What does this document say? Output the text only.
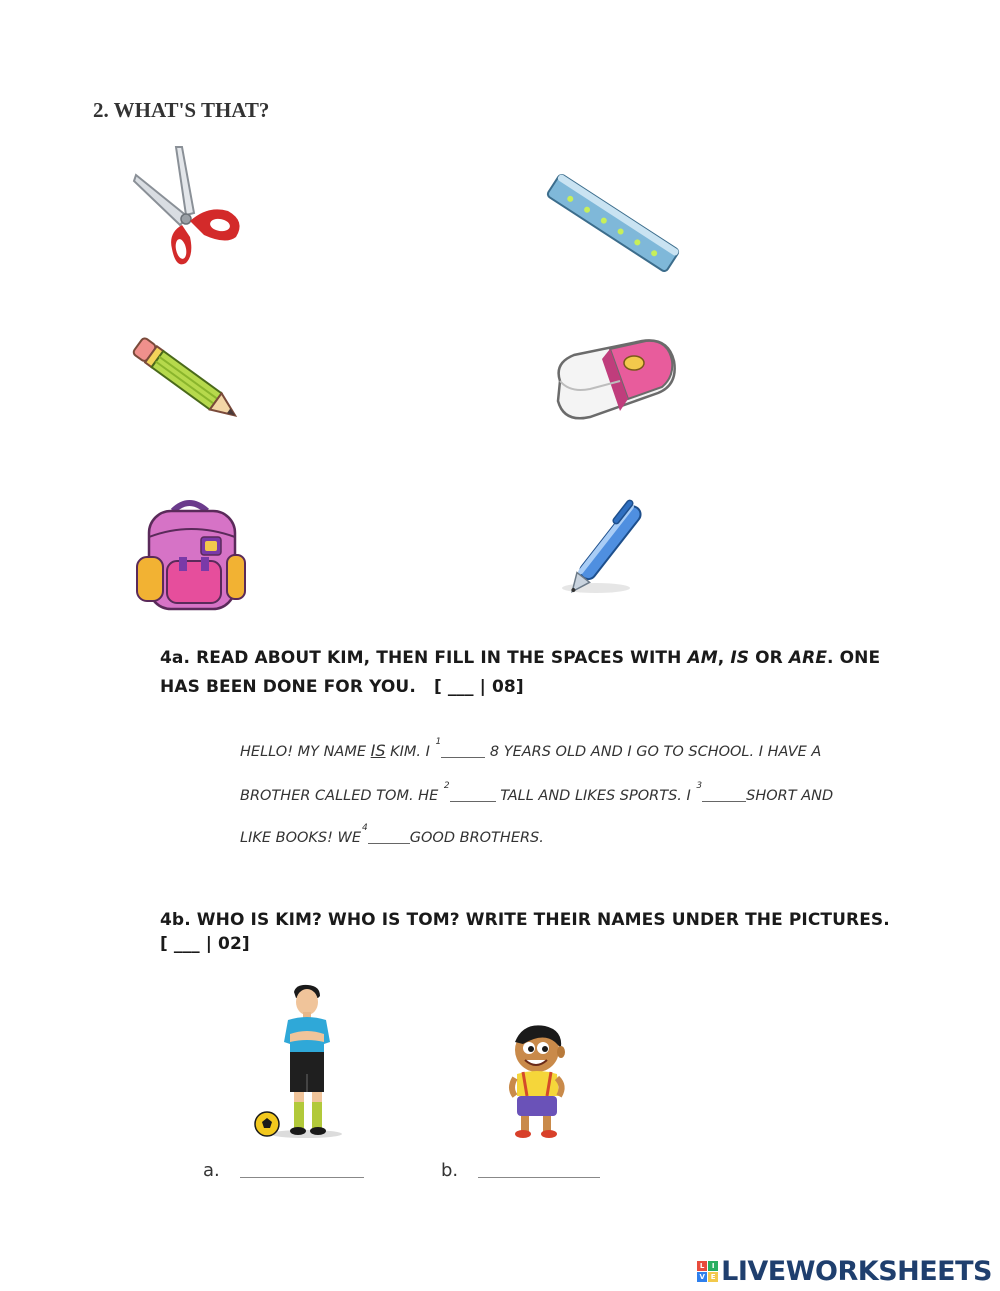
2. WHAT'S THAT?
4a. READ ABOUT KIM, THEN FILL IN THE SPACES WITH AM, IS OR ARE. ONE
HAS BEEN DONE FOR YOU.   [ ___ | 08]
HELLO! MY NAME IS KIM. I $^1$ 8 YEARS OLD AND I GO TO SCHOOL. I HAVE A
BROTHER CALLED TOM. HE $^2$ TALL AND LIKES SPORTS. I $^3$SHORT AND
LIKE BOOKS! $WE^4GOOD$ BROTHERS.
4b. WHO IS KIM? WHO IS TOM? WRITE THEIR NAMES UNDER THE PICTURES.
[ ___ | 02]
a.	b.
L	I
V E LIVEWORKSHEETS
